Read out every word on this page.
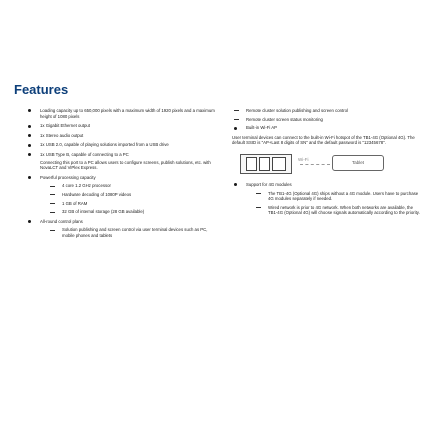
Features
Loading capacity up to 650,000 pixels with a maximum width of 1920 pixels and a maximum height of 1080 pixels
1x Gigabit Ethernet output
1x Stereo audio output
1x USB 2.0, capable of playing solutions imported from a USB drive
1x USB Type B, capable of connecting to a PC
Connecting this port to a PC allows users to configure screens, publish solutions, etc. with NovaLCT and ViPlex Express.
Powerful processing capacity
4 core 1.2 GHz processor
Hardware decoding of 1080P videos
1 GB of RAM
32 GB of internal storage (28 GB available)
All-round control plans
Solution publishing and screen control via user terminal devices such as PC, mobile phones and tablets
Remote cluster solution publishing and screen control
Remote cluster screen status monitoring
Built-in Wi-Fi AP

User terminal devices can connect to the built-in Wi-Fi hotspot of the TB1-4G (Optional 4G). The default SSID is "AP+Last 8 digits of SN" and the default password is "12345678".

Wi-Fi
Tablet
Support for 4G modules
The TB1-4G (Optional 4G) ships without a 4G module. Users have to purchase 4G modules separately if needed.
Wired network is prior to 4G network. When both networks are available, the TB1-4G (Optional 4G) will choose signals automatically according to the priority.
